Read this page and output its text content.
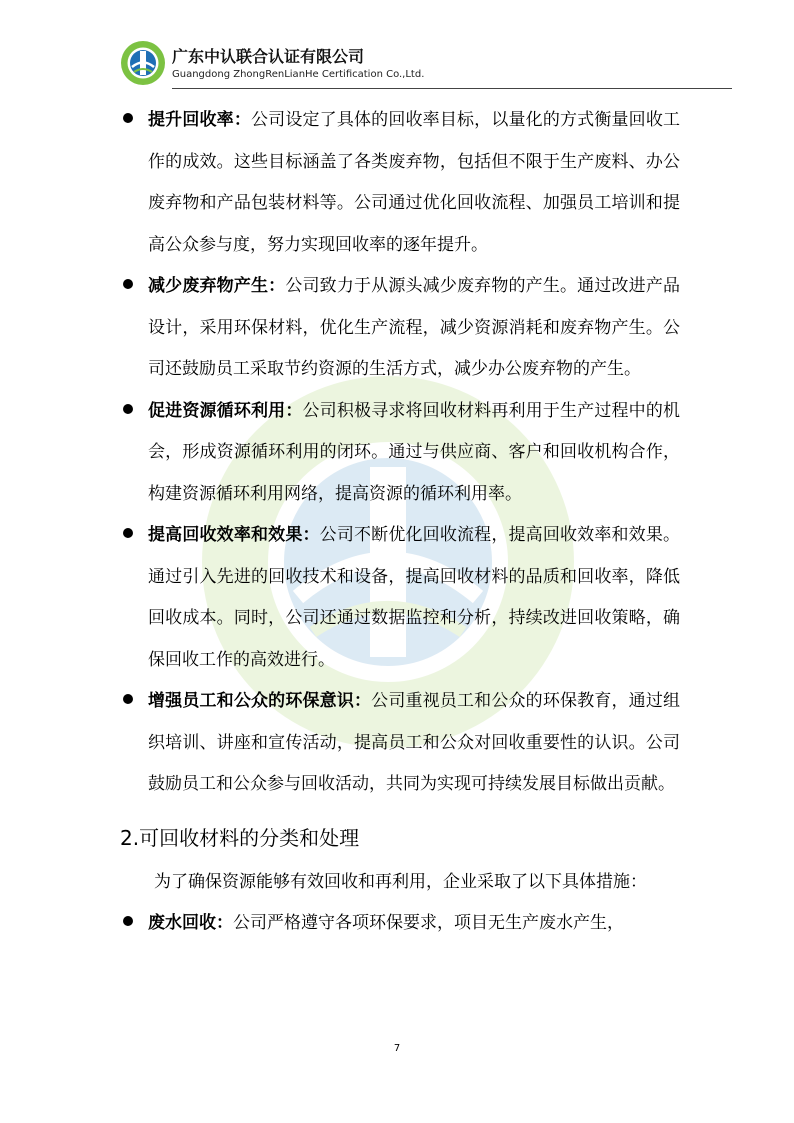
广东中认联合认证有限公司
Guangdong ZhongRenLianHe Certification Co.,Ltd.

提升回收率：公司设定了具体的回收率目标，以量化的方式衡量回收工作的成效。这些目标涵盖了各类废弃物，包括但不限于生产废料、办公废弃物和产品包装材料等。公司通过优化回收流程、加强员工培训和提高公众参与度，努力实现回收率的逐年提升。

减少废弃物产生：公司致力于从源头减少废弃物的产生。通过改进产品设计，采用环保材料，优化生产流程，减少资源消耗和废弃物产生。公司还鼓励员工采取节约资源的生活方式，减少办公废弃物的产生。

促进资源循环利用：公司积极寻求将回收材料再利用于生产过程中的机会，形成资源循环利用的闭环。通过与供应商、客户和回收机构合作，构建资源循环利用网络，提高资源的循环利用率。

提高回收效率和效果：公司不断优化回收流程，提高回收效率和效果。通过引入先进的回收技术和设备，提高回收材料的品质和回收率，降低回收成本。同时，公司还通过数据监控和分析，持续改进回收策略，确保回收工作的高效进行。

增强员工和公众的环保意识：公司重视员工和公众的环保教育，通过组织培训、讲座和宣传活动，提高员工和公众对回收重要性的认识。公司鼓励员工和公众参与回收活动，共同为实现可持续发展目标做出贡献。

2.可回收材料的分类和处理

为了确保资源能够有效回收和再利用，企业采取了以下具体措施：

废水回收：公司严格遵守各项环保要求，项目无生产废水产生，

7
